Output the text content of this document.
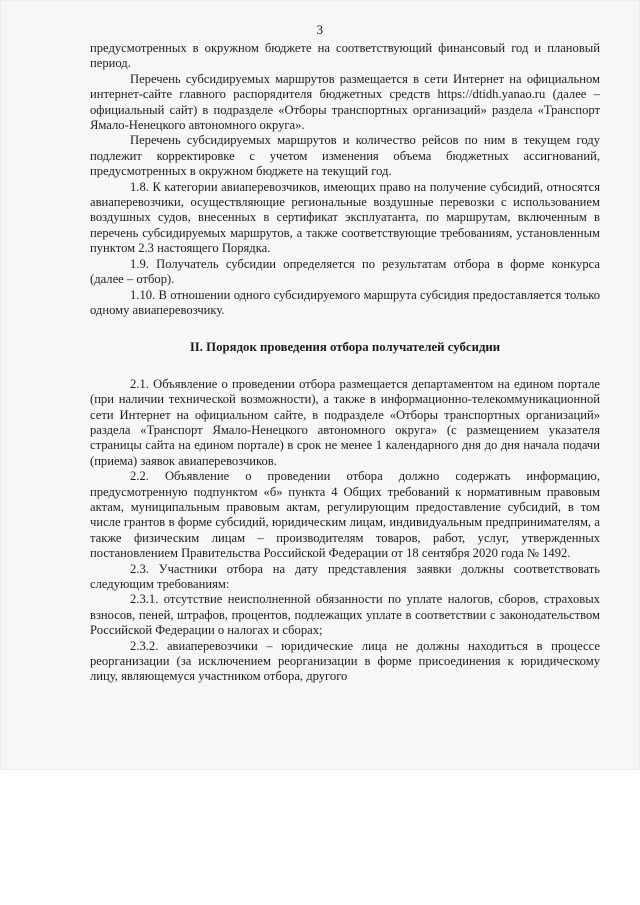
3

предусмотренных в окружном бюджете на соответствующий финансовый год и плановый период.

Перечень субсидируемых маршрутов размещается в сети Интернет на официальном интернет-сайте главного распорядителя бюджетных средств https://dtidh.yanao.ru (далее – официальный сайт) в подразделе «Отборы транспортных организаций» раздела «Транспорт Ямало-Ненецкого автономного округа».

Перечень субсидируемых маршрутов и количество рейсов по ним в текущем году подлежит корректировке с учетом изменения объема бюджетных ассигнований, предусмотренных в окружном бюджете на текущий год.

1.8. К категории авиаперевозчиков, имеющих право на получение субсидий, относятся авиаперевозчики, осуществляющие региональные воздушные перевозки с использованием воздушных судов, внесенных в сертификат эксплуатанта, по маршрутам, включенным в перечень субсидируемых маршрутов, а также соответствующие требованиям, установленным пунктом 2.3 настоящего Порядка.

1.9. Получатель субсидии определяется по результатам отбора в форме конкурса (далее – отбор).

1.10. В отношении одного субсидируемого маршрута субсидия предоставляется только одному авиаперевозчику.

II. Порядок проведения отбора получателей субсидии

2.1. Объявление о проведении отбора размещается департаментом на едином портале (при наличии технической возможности), а также в информационно-телекоммуникационной сети Интернет на официальном сайте, в подразделе «Отборы транспортных организаций» раздела «Транспорт Ямало-Ненецкого автономного округа» (с размещением указателя страницы сайта на едином портале) в срок не менее 1 календарного дня до дня начала подачи (приема) заявок авиаперевозчиков.

2.2. Объявление о проведении отбора должно содержать информацию, предусмотренную подпунктом «б» пункта 4 Общих требований к нормативным правовым актам, муниципальным правовым актам, регулирующим предоставление субсидий, в том числе грантов в форме субсидий, юридическим лицам, индивидуальным предпринимателям, а также физическим лицам – производителям товаров, работ, услуг, утвержденных постановлением Правительства Российской Федерации от 18 сентября 2020 года № 1492.

2.3. Участники отбора на дату представления заявки должны соответствовать следующим требованиям:

2.3.1. отсутствие неисполненной обязанности по уплате налогов, сборов, страховых взносов, пеней, штрафов, процентов, подлежащих уплате в соответствии с законодательством Российской Федерации о налогах и сборах;

2.3.2. авиаперевозчики – юридические лица не должны находиться в процессе реорганизации (за исключением реорганизации в форме присоединения к юридическому лицу, являющемуся участником отбора, другого
